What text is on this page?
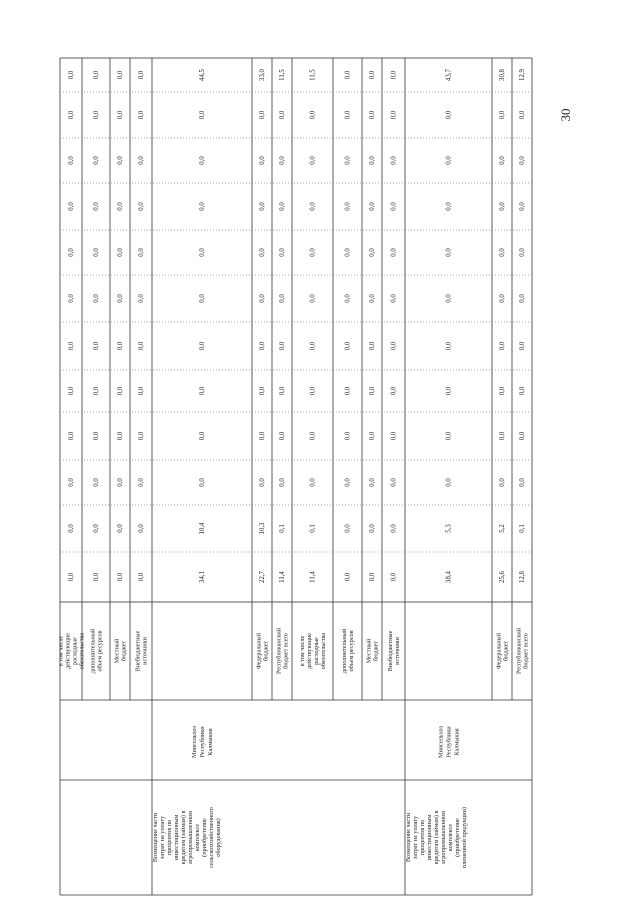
0,0
0,0
0,0
0,0
0,0
0,0
0,0
0,0
0,0
0,0
0,0
0,0
в том числе действующие расходные обязательства
0,0
0,0
0,0
0,0
0,0
0,0
0,0
0,0
0,0
0,0
0,0
0,0
дополнительный объем ресурсов
0,0
0,0
0,0
0,0
0,0
0,0
0,0
0,0
0,0
0,0
0,0
0,0
Местный бюджет
0,0
0,0
0,0
0,0
0,0
0,0
0,0
0,0
0,0
0,0
0,0
0,0
Внебюджетные источники
34,1
10,4
0,0
0,0
0,0
0,0
0,0
0,0
0,0
0,0
0,0
44,5
22,7
10,3
0,0
0,0
0,0
0,0
0,0
0,0
0,0
0,0
0,0
33,0
Федеральный бюджет
11,4
0,1
0,0
0,0
0,0
0,0
0,0
0,0
0,0
0,0
0,0
11,5
Республиканский бюджет всего
11,4
0,1
0,0
0,0
0,0
0,0
0,0
0,0
0,0
0,0
0,0
11,5
в том числе действующие расходные обязательства
0,0
0,0
0,0
0,0
0,0
0,0
0,0
0,0
0,0
0,0
0,0
0,0
дополнительный объем ресурсов
0,0
0,0
0,0
0,0
0,0
0,0
0,0
0,0
0,0
0,0
0,0
0,0
Местный бюджет
0,0
0,0
0,0
0,0
0,0
0,0
0,0
0,0
0,0
0,0
0,0
0,0
Внебюджетные источники
Минсельхоз Республики Калмыкия
Возмещение части затрат на уплату процентов по инвестиционным кредитам (займам) в агропромышленном комплексе (приобретение сельскохозяйственного оборудования)
38,4
5,3
0,0
0,0
0,0
0,0
0,0
0,0
0,0
0,0
0,0
43,7
25,6
5,2
0,0
0,0
0,0
0,0
0,0
0,0
0,0
0,0
0,0
30,8
Федеральный бюджет
12,8
0,1
0,0
0,0
0,0
0,0
0,0
0,0
0,0
0,0
0,0
12,9
Республиканский бюджет всего
Минсельхоз Республики Калмыкия
Возмещение части затрат на уплату процентов по инвестиционным кредитам (займам) в агропромышленном комплексе (приобретение племенной продукции)
30
